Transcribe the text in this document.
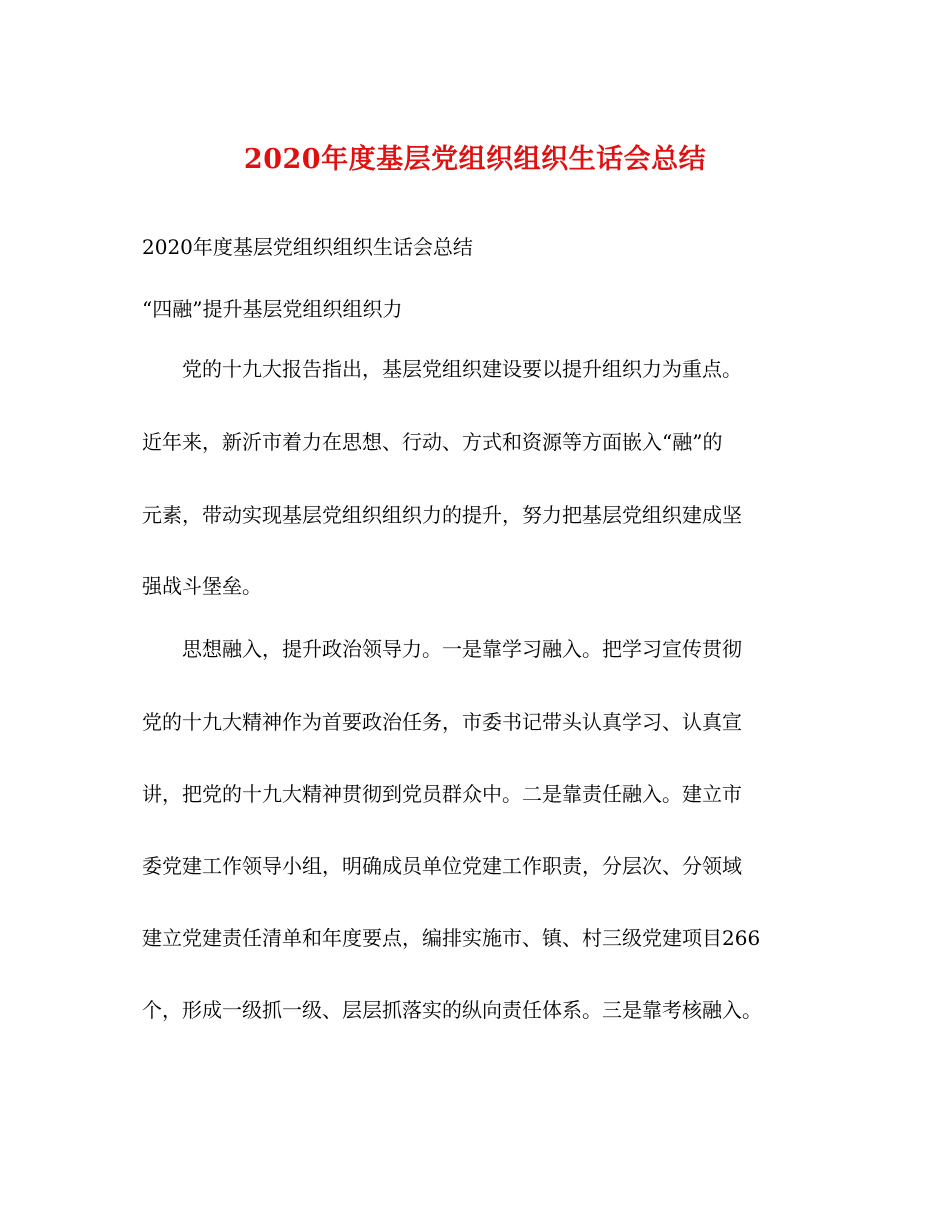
2020年度基层党组织组织生话会总结
2020年度基层党组织组织生话会总结
“四融”提升基层党组织组织力
党的十九大报告指出，基层党组织建设要以提升组织力为重点。
近年来，新沂市着力在思想、行动、方式和资源等方面嵌入“融”的
元素，带动实现基层党组织组织力的提升，努力把基层党组织建成坚
强战斗堡垒。
思想融入，提升政治领导力。一是靠学习融入。把学习宣传贯彻
党的十九大精神作为首要政治任务，市委书记带头认真学习、认真宣
讲，把党的十九大精神贯彻到党员群众中。二是靠责任融入。建立市
委党建工作领导小组，明确成员单位党建工作职责，分层次、分领域
建立党建责任清单和年度要点，编排实施市、镇、村三级党建项目266
个，形成一级抓一级、层层抓落实的纵向责任体系。三是靠考核融入。
